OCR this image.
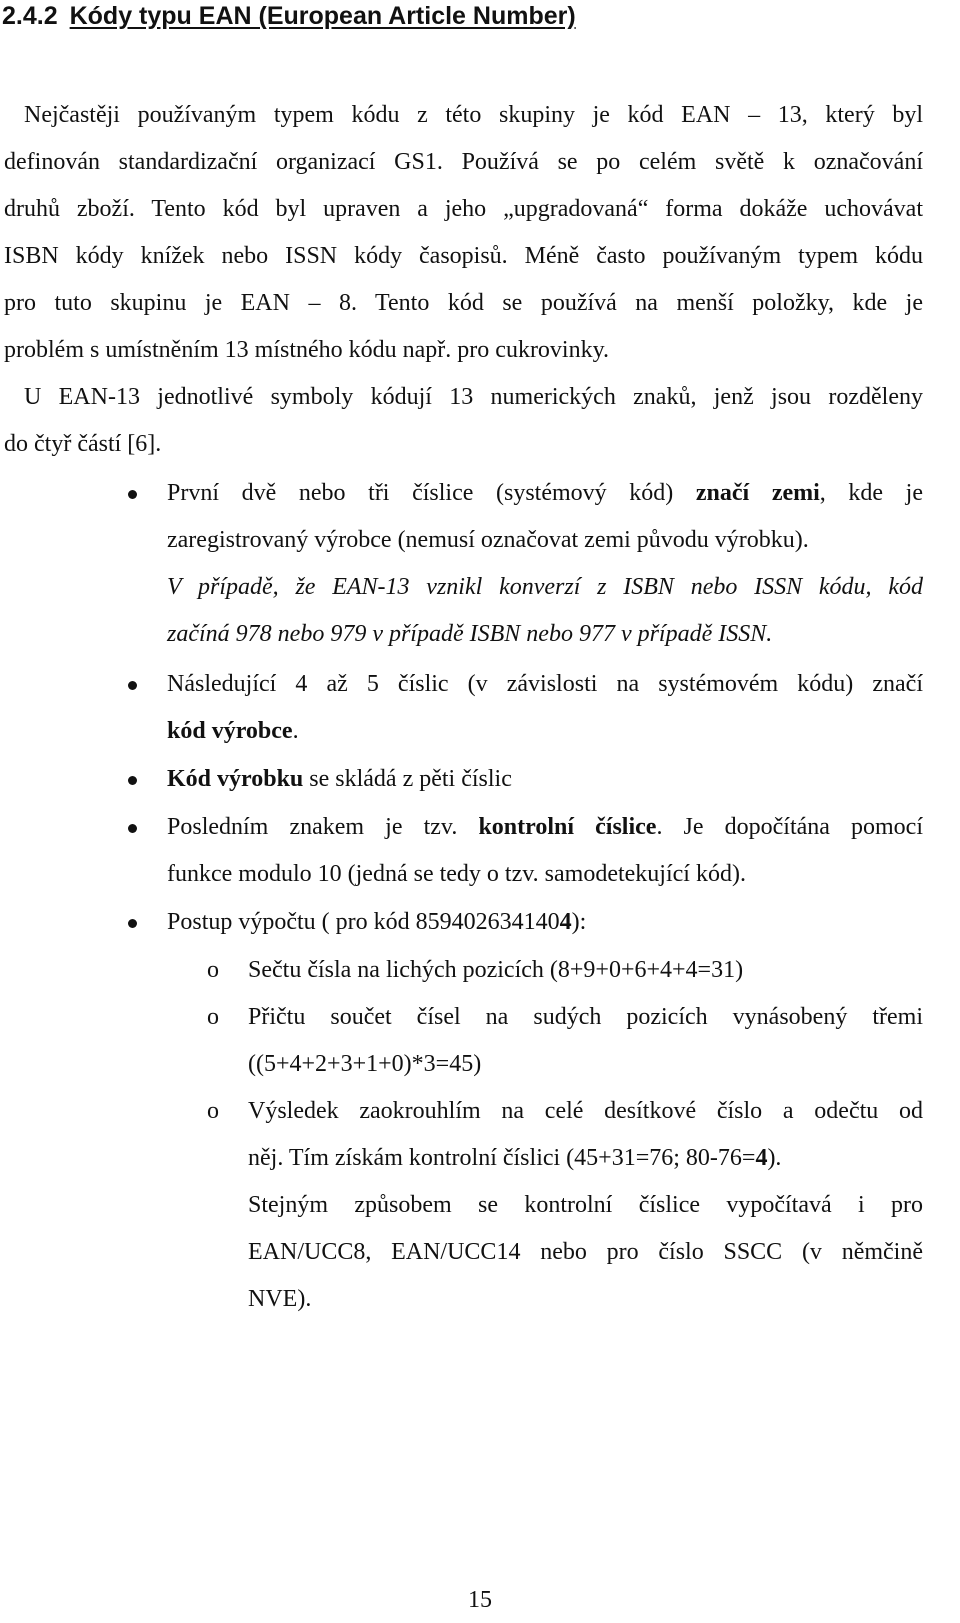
2.4.2 Kódy typu EAN (European Article Number)
Nejčastěji používaným typem kódu z této skupiny je kód EAN – 13, který byl
definován standardizační organizací GS1. Používá se po celém světě k označování
druhů zboží. Tento kód byl upraven a jeho „upgradovaná“ forma dokáže uchovávat
ISBN kódy knížek nebo ISSN kódy časopisů. Méně často používaným typem kódu
pro tuto skupinu je EAN – 8. Tento kód se používá na menší položky, kde je
problém s umístněním 13 místného kódu např. pro cukrovinky.
U EAN-13 jednotlivé symboly kódují 13 numerických znaků, jenž jsou rozděleny
do čtyř částí [6].
První dvě nebo tři číslice (systémový kód) značí zemi, kde je
zaregistrovaný výrobce (nemusí označovat zemi původu výrobku).
V případě, že EAN-13 vznikl konverzí z ISBN nebo ISSN kódu, kód
začíná 978 nebo 979 v případě ISBN nebo 977 v případě ISSN.
Následující 4 až 5 číslic (v závislosti na systémovém kódu) značí
kód výrobce.
Kód výrobku se skládá z pěti číslic
Posledním znakem je tzv. kontrolní číslice. Je dopočítána pomocí
funkce modulo 10 (jedná se tedy o tzv. samodetekující kód).
Postup výpočtu ( pro kód 8594026341404):
o Sečtu čísla na lichých pozicích (8+9+0+6+4+4=31)
o Přičtu součet čísel na sudých pozicích vynásobený třemi
((5+4+2+3+1+0)*3=45)
o Výsledek zaokrouhlím na celé desítkové číslo a odečtu od
něj. Tím získám kontrolní číslici (45+31=76; 80-76=4).
Stejným způsobem se kontrolní číslice vypočítavá i pro
EAN/UCC8, EAN/UCC14 nebo pro číslo SSCC (v němčině
NVE).
15
